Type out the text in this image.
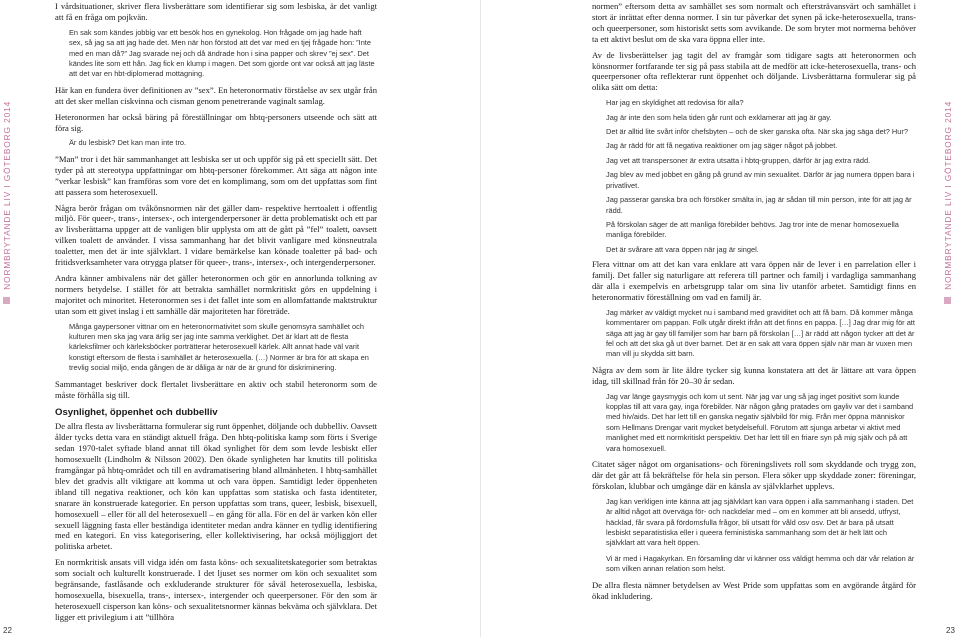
NORMBRYTANDE LIV I GÖTEBORG 2014

I vårdsituationer, skriver flera livsberättare som identifierar sig som lesbiska, är det vanligt att få en fråga om pojkvän.

En sak som kändes jobbig var ett besök hos en gynekolog. Hon frågade om jag hade haft sex, så jag sa att jag hade det. Men när hon förstod att det var med en tjej frågade hon: ”Inte med en man då?” Jag svarade nej och då ändrade hon i sina papper och skrev ”ej sex”. Det kändes lite som ett hån. Jag fick en klump i magen. Det som gjorde ont var också att jag läste att det var en hbt-diplomerad mottagning.

Här kan en fundera över definitionen av ”sex”. En heteronormativ förståelse av sex utgår från att det sker mellan ciskvinna och cisman genom penetrerande vaginalt samlag.

Heteronormen har också bäring på föreställningar om hbtq-personers utseende och sätt att föra sig.

Är du lesbisk? Det kan man inte tro.

”Man” tror i det här sammanhanget att lesbiska ser ut och uppför sig på ett speciellt sätt. Det tyder på att stereotypa uppfattningar om hbtq-personer förekommer. Att säga att någon inte ”verkar lesbisk” kan framföras som vore det en komplimang, som om det uppfattas som fint att passera som heterosexuell.

Några berör frågan om tvåkönsnormen när det gäller dam- respektive herrtoalett i offentlig miljö. För queer-, trans-, intersex-, och intergenderpersoner är detta problematiskt och ett par av livsberättarna uppger att de vanligen blir upplysta om att de gått på ”fel” toalett, oavsett vilken toalett de använder. I vissa sammanhang har det blivit vanligare med könsneutrala toaletter, men det är inte självklart. I vidare bemärkelse kan könade toaletter på bad- och fritidsverksamheter vara otrygga platser för queer-, trans-, intersex-, och intergenderpersoner.

Andra känner ambivalens när det gäller heteronormen och gör en annorlunda tolkning av normers betydelse. I stället för att betrakta samhället normkritiskt görs en uppdelning i majoritet och minoritet. Heteronormen ses i det fallet inte som en allomfattande maktstruktur utan som ett givet inslag i ett samhälle där majoriteten har företräde.

Många gaypersoner vittnar om en heteronormativitet som skulle genomsyra samhället och kulturen men ska jag vara ärlig ser jag inte samma verklighet. Det är klart att de flesta kärleksfilmer och kärleksböcker porträtterar heterosexuell kärlek. Allt annat hade väl varit konstigt eftersom de flesta i samhället är heterosexuella. (…) Normer är bra för att skapa en trevlig social miljö, enda gången de är dåliga är när de är grund för diskriminering.

Sammantaget beskriver dock flertalet livsberättare en aktiv och stabil heteronorm som de måste förhålla sig till.

Osynlighet, öppenhet och dubbelliv

De allra flesta av livsberättarna formulerar sig runt öppenhet, döljande och dubbelliv. Oavsett ålder tycks detta vara en ständigt aktuell fråga. Den hbtq-politiska kamp som förts i Sverige sedan 1970-talet syftade bland annat till ökad synlighet för dem som levde lesbiskt eller homosexuellt (Lindholm & Nilsson 2002). Den ökade synligheten har knutits till politiska framgångar på hbtq-området och till en avdramatisering bland allmänheten. I hbtq-samhället blev det gradvis allt viktigare att komma ut och vara öppen. Samtidigt leder öppenheten ibland till negativa reaktioner, och kön kan uppfattas som statiska och fasta identiteter, snarare än konstruerade kategorier. En person uppfattas som trans, queer, lesbisk, bisexuell, homosexuell – eller för all del heterosexuell – en gång för alla. För en del är varken kön eller sexuell läggning fasta eller beständiga identiteter medan andra känner en tydlig identifiering med en kategori. En viss kategorisering, eller kollektivisering, har också möjliggjort det politiska arbetet.

En normkritisk ansats vill vidga idén om fasta köns- och sexualitetskategorier som betraktas som socialt och kulturellt konstruerade. I det ljuset ses normer om kön och sexualitet som begränsande, fastlåsande och exkluderande strukturer för såväl heterosexuella, lesbiska, homosexuella, bisexuella, trans-, intersex-, intergender och queerpersoner. För den som är heterosexuell cisperson kan köns- och sexualitetsnormer kännas bekväma och självklara. Det ligger ett privilegium i att ”tillhöra

22

normen” eftersom detta av samhället ses som normalt och eftersträvansvärt och samhället i stort är inrättat efter denna normer. I sin tur påverkar det synen på icke-heterosexuella, trans- och queerpersoner, som historiskt setts som avvikande. De som bryter mot normerna behöver ta ett aktivt beslut om de ska vara öppna eller inte.

Av de livsberättelser jag tagit del av framgår som tidigare sagts att heteronormen och könsnormer fortfarande ter sig på pass stabila att de medför att icke-heterosexuella, trans- och queerpersoner ofta reflekterar runt öppenhet och döljande. Livsberättarna formulerar sig på olika sätt om detta:

Har jag en skyldighet att redovisa för alla?

Jag är inte den som hela tiden går runt och exklamerar att jag är gay.

Det är alltid lite svårt inför chefsbyten – och de sker ganska ofta. När ska jag säga det? Hur?

Jag är rädd för att få negativa reaktioner om jag säger något på jobbet.

Jag vet att transpersoner är extra utsatta i hbtq-gruppen, därför är jag extra rädd.

Jag blev av med jobbet en gång på grund av min sexualitet. Därför är jag numera öppen bara i privatlivet.

Jag passerar ganska bra och försöker smälta in, jag är sådan till min person, inte för att jag är rädd.

På förskolan säger de att manliga förebilder behövs. Jag tror inte de menar homosexuella manliga förebilder.

Det är svårare att vara öppen när jag är singel.

Flera vittnar om att det kan vara enklare att vara öppen när de lever i en parrelation eller i familj. Det faller sig naturligare att referera till partner och familj i vardagliga sammanhang där alla i exempelvis en arbetsgrupp talar om sina liv utanför arbetet. Samtidigt finns en heteronormativ föreställning om vad en familj är.

Jag märker av väldigt mycket nu i samband med graviditet och att få barn. Då kommer många kommentarer om pappan. Folk utgår direkt ifrån att det finns en pappa. […] Jag drar mig för att säga att jag är gay till familjer som har barn på förskolan […] är rädd att någon tycker att det är fel och att det ska gå ut över barnet. Det är en sak att vara öppen själv när man är vuxen men man vill ju skydda sitt barn.

Några av dem som är lite äldre tycker sig kunna konstatera att det är lättare att vara öppen idag, till skillnad från för 20–30 år sedan.

Jag var länge gaysmygis och kom ut sent. När jag var ung så jag inget positivt som kunde kopplas till att vara gay, inga förebilder. När någon gång pratades om gayliv var det i samband med hiv/aids. Det har lett till en ganska negativ självbild för mig. Från mer öppna människor som Hellmans Drengar varit mycket betydelsefull. Förutom att sjunga arbetar vi aktivt med manlighet med ett normkritiskt perspektiv. Det har lett till en friare syn på mig själv och på att vara homosexuell.

Citatet säger något om organisations- och föreningslivets roll som skyddande och trygg zon, där det går att få bekräftelse för hela sin person. Flera söker upp skyddade zoner: föreningar, förskolan, klubbar och umgänge där en känsla av självklarhet upplevs.

Jag kan verkligen inte känna att jag självklart kan vara öppen i alla sammanhang i staden. Det är alltid något att överväga för- och nackdelar med – om en kommer att bli ansedd, utfryst, häcklad, får svara på fördomsfulla frågor, bli utsatt för våld osv osv. Det är bara på utsatt lesbiskt separatistiska eller i queera feministiska sammanhang som det är helt lätt och självklart att vara helt öppen.

Vi är med i Hagakyrkan. En församling där vi känner oss väldigt hemma och där vår relation är som vilken annan relation som helst.

De allra flesta nämner betydelsen av West Pride som uppfattas som en avgörande åtgärd för ökad inkludering.

NORMBRYTANDE LIV I GÖTEBORG 2014
23
